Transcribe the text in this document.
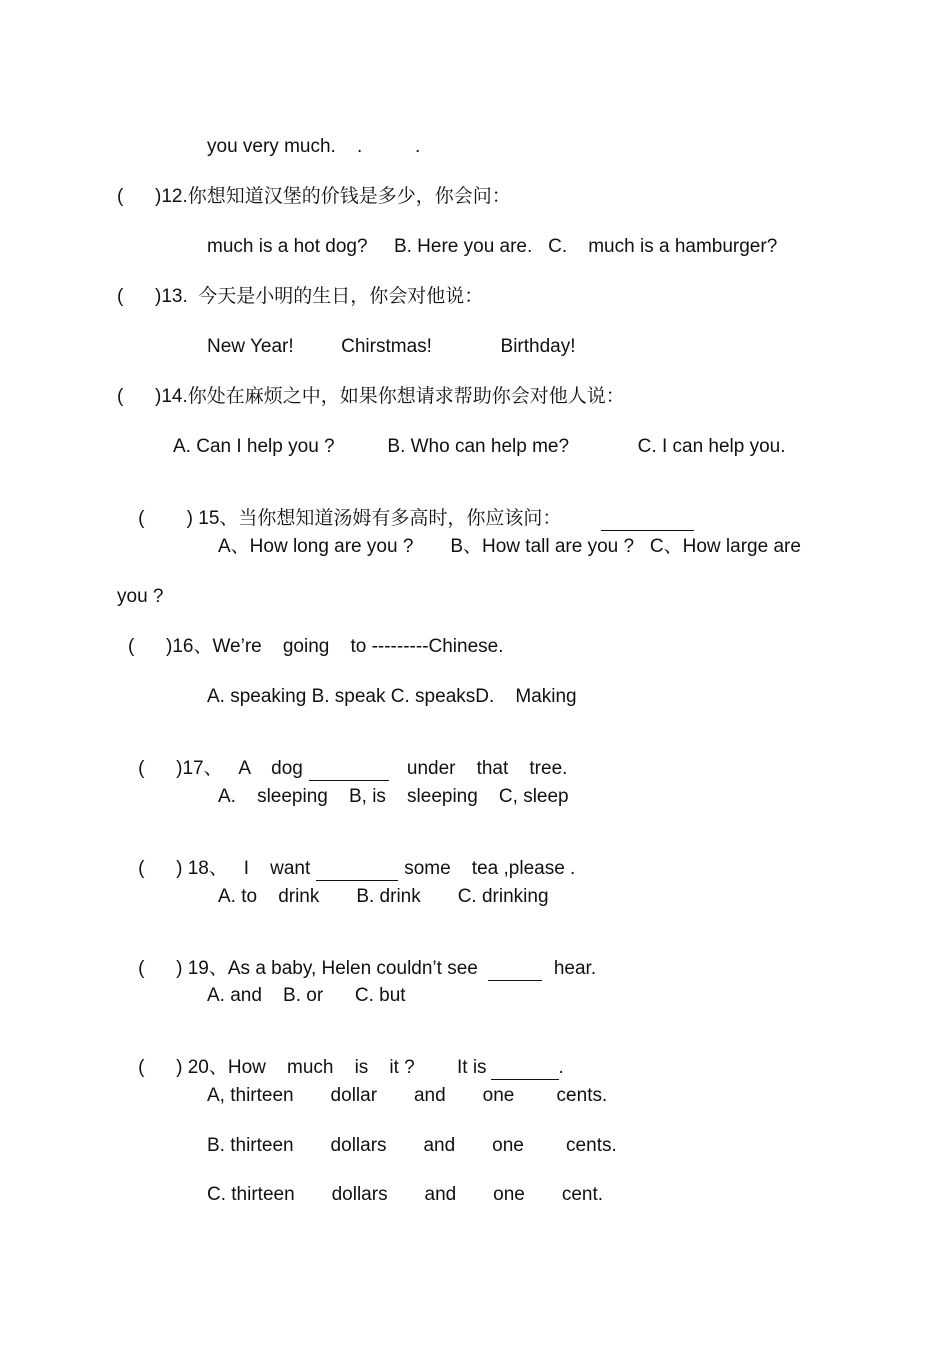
you very much.    .          .
(      )12.你想知道汉堡的价钱是多少，你会问：
much is a hot dog?     B. Here you are.   C.    much is a hamburger?
(      )13.  今天是小明的生日，你会对他说：
New Year!         Chirstmas!             Birthday!
(      )14.你处在麻烦之中，如果你想请求帮助你会对他人说：
A. Can I help you ?          B. Who can help me?             C. I can help you.

(        ) 15、当你想知道汤姆有多高时，你应该问：

A、How long are you ?       B、How tall are you ?   C、How large are
you ?
(      )16、We’re    going    to ---------Chinese.
A. speaking B. speak C. speaksD.    Making

(      )17、   A    dog	under    that    tree.

A.    sleeping    B, is    sleeping    C, sleep

(      ) 18、   I    want	some    tea ,please .

A. to    drink       B. drink       C. drinking

(      ) 19、As a baby, Helen couldn’t see	hear.

A. and    B. or      C. but

(      ) 20、How    much    is    it ?        It is	.

A, thirteen       dollar       and       one        cents.
B. thirteen       dollars       and       one        cents.
C. thirteen       dollars       and       one       cent.
